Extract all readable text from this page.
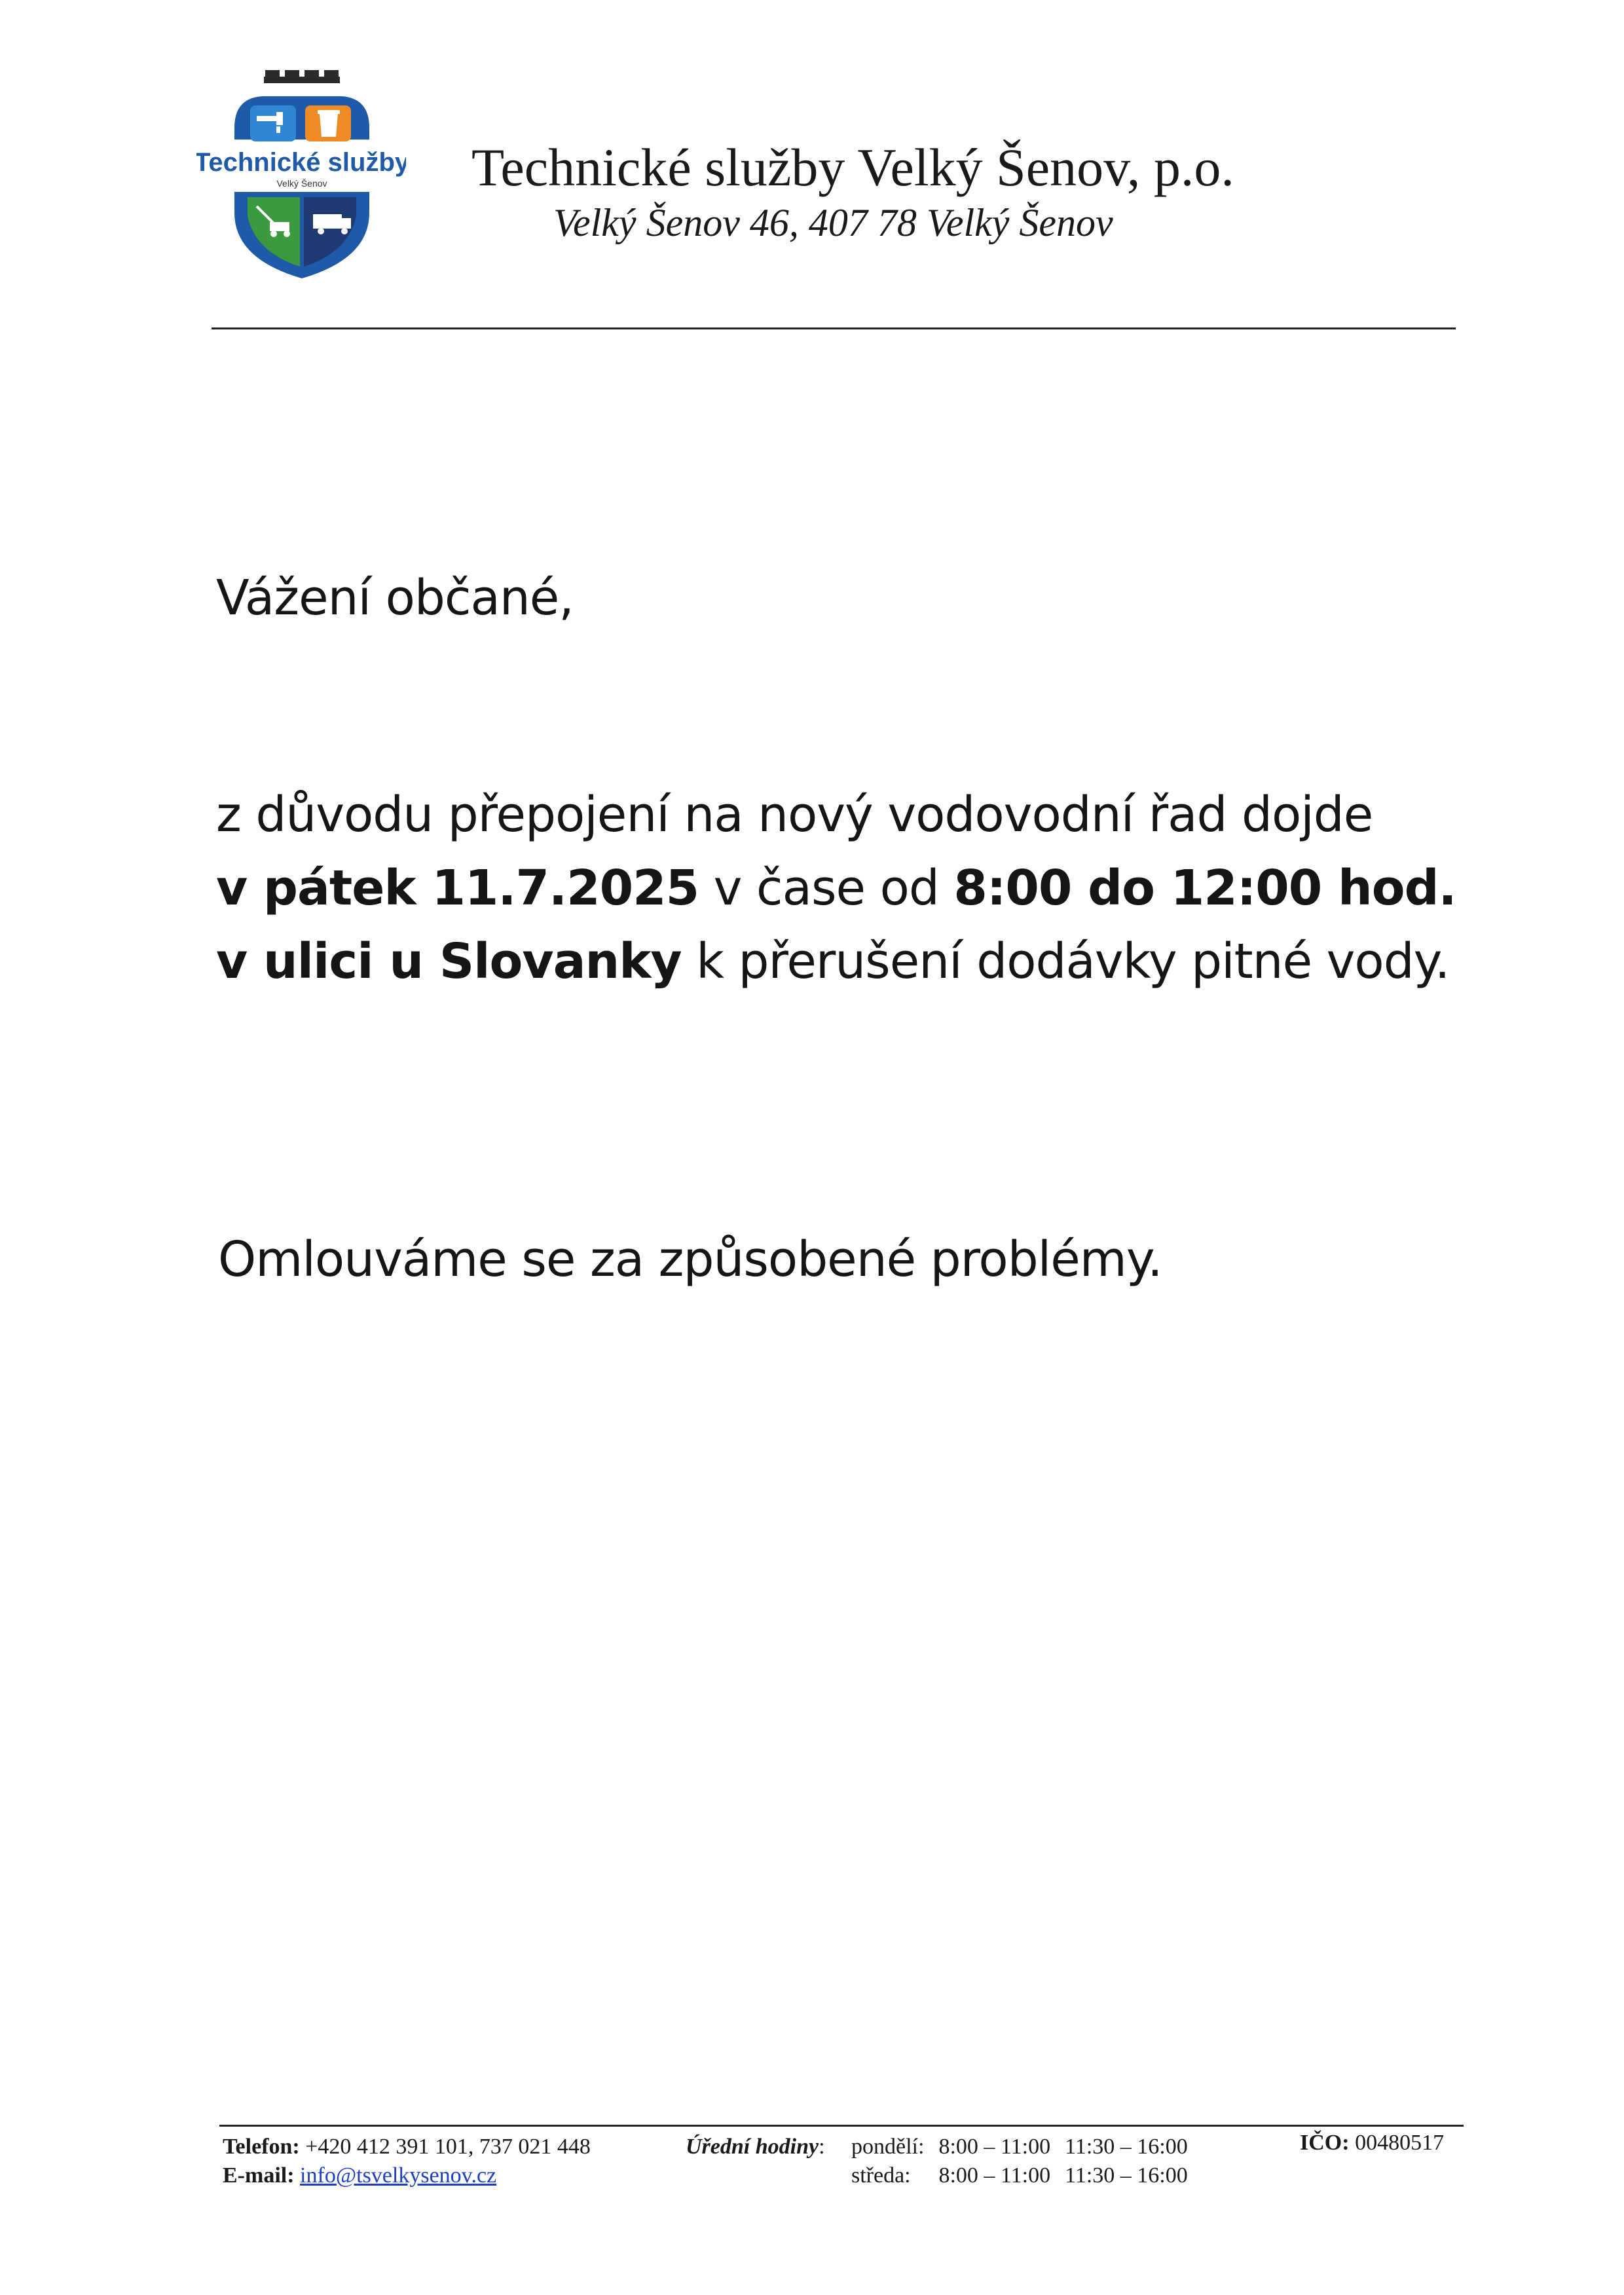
Technické služby
Velký Šenov	Technické služby Velký Šenov, p.o.
Velký Šenov 46, 407 78 Velký Šenov
Vážení občané,
z důvodu přepojení na nový vodovodní řad dojde
v pátek 11.7.2025 v čase od 8:00 do 12:00 hod.
v ulici u Slovanky k přerušení dodávky pitné vody.
Omlouváme se za způsobené problémy.
Telefon: +420 412 391 101, 737 021 448
E-mail: info@tsvelkysenov.cz
Úřední hodiny: pondělí:	8:00 – 11:00	11:30 – 16:00
středa:	8:00 – 11:00	11:30 – 16:00
IČO: 00480517
